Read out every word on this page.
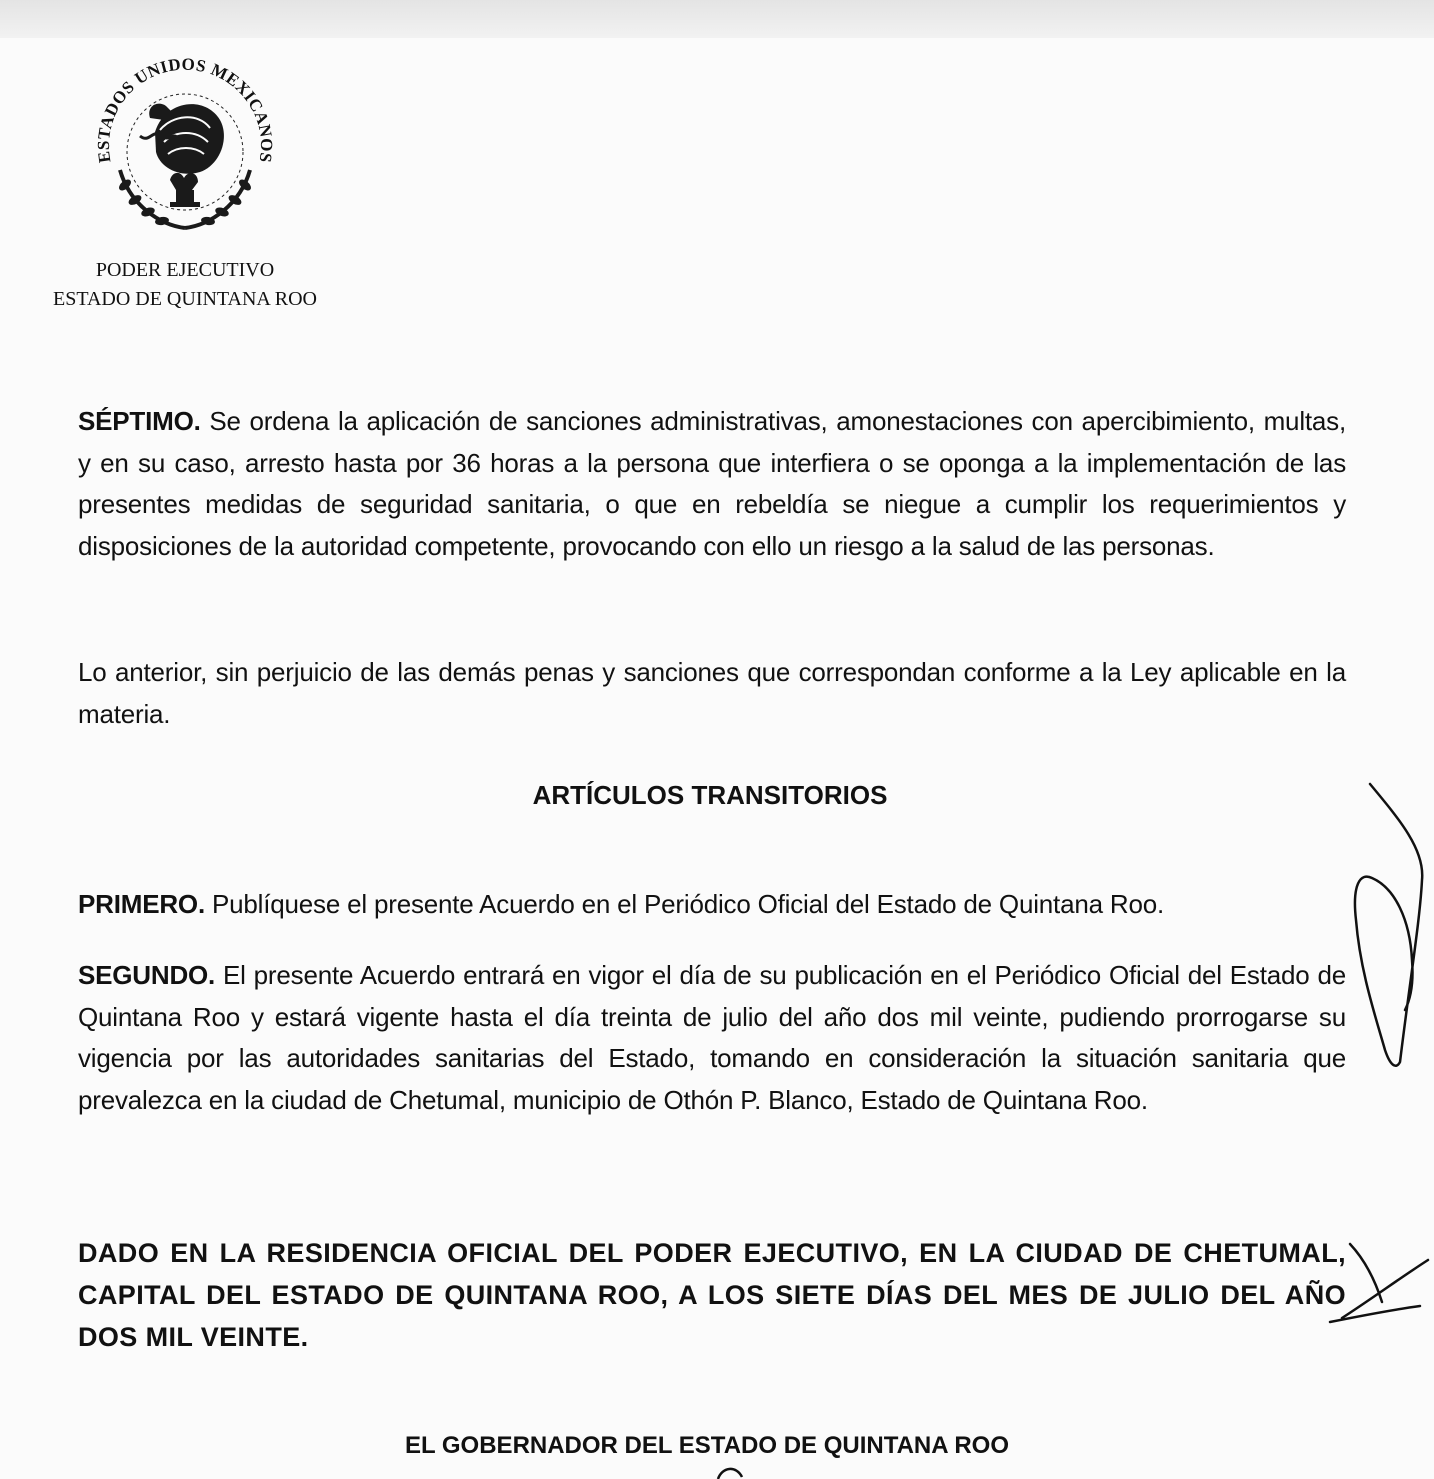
ESTADOS UNIDOS MEXICANOS
PODER EJECUTIVO
ESTADO DE QUINTANA ROO
SÉPTIMO. Se ordena la aplicación de sanciones administrativas, amonestaciones con apercibimiento, multas, y en su caso, arresto hasta por 36 horas a la persona que interfiera o se oponga a la implementación de las presentes medidas de seguridad sanitaria, o que en rebeldía se niegue a cumplir los requerimientos y disposiciones de la autoridad competente, provocando con ello un riesgo a la salud de las personas.
Lo anterior, sin perjuicio de las demás penas y sanciones que correspondan conforme a la Ley aplicable en la materia.
ARTÍCULOS TRANSITORIOS
PRIMERO. Publíquese el presente Acuerdo en el Periódico Oficial del Estado de Quintana Roo.
SEGUNDO. El presente Acuerdo entrará en vigor el día de su publicación en el Periódico Oficial del Estado de Quintana Roo y estará vigente hasta el día treinta de julio del año dos mil veinte, pudiendo prorrogarse su vigencia por las autoridades sanitarias del Estado, tomando en consideración la situación sanitaria que prevalezca en la ciudad de Chetumal, municipio de Othón P. Blanco, Estado de Quintana Roo.
DADO EN LA RESIDENCIA OFICIAL DEL PODER EJECUTIVO, EN LA CIUDAD DE CHETUMAL, CAPITAL DEL ESTADO DE QUINTANA ROO, A LOS SIETE DÍAS DEL MES DE JULIO DEL AÑO DOS MIL VEINTE.
EL GOBERNADOR DEL ESTADO DE QUINTANA ROO
